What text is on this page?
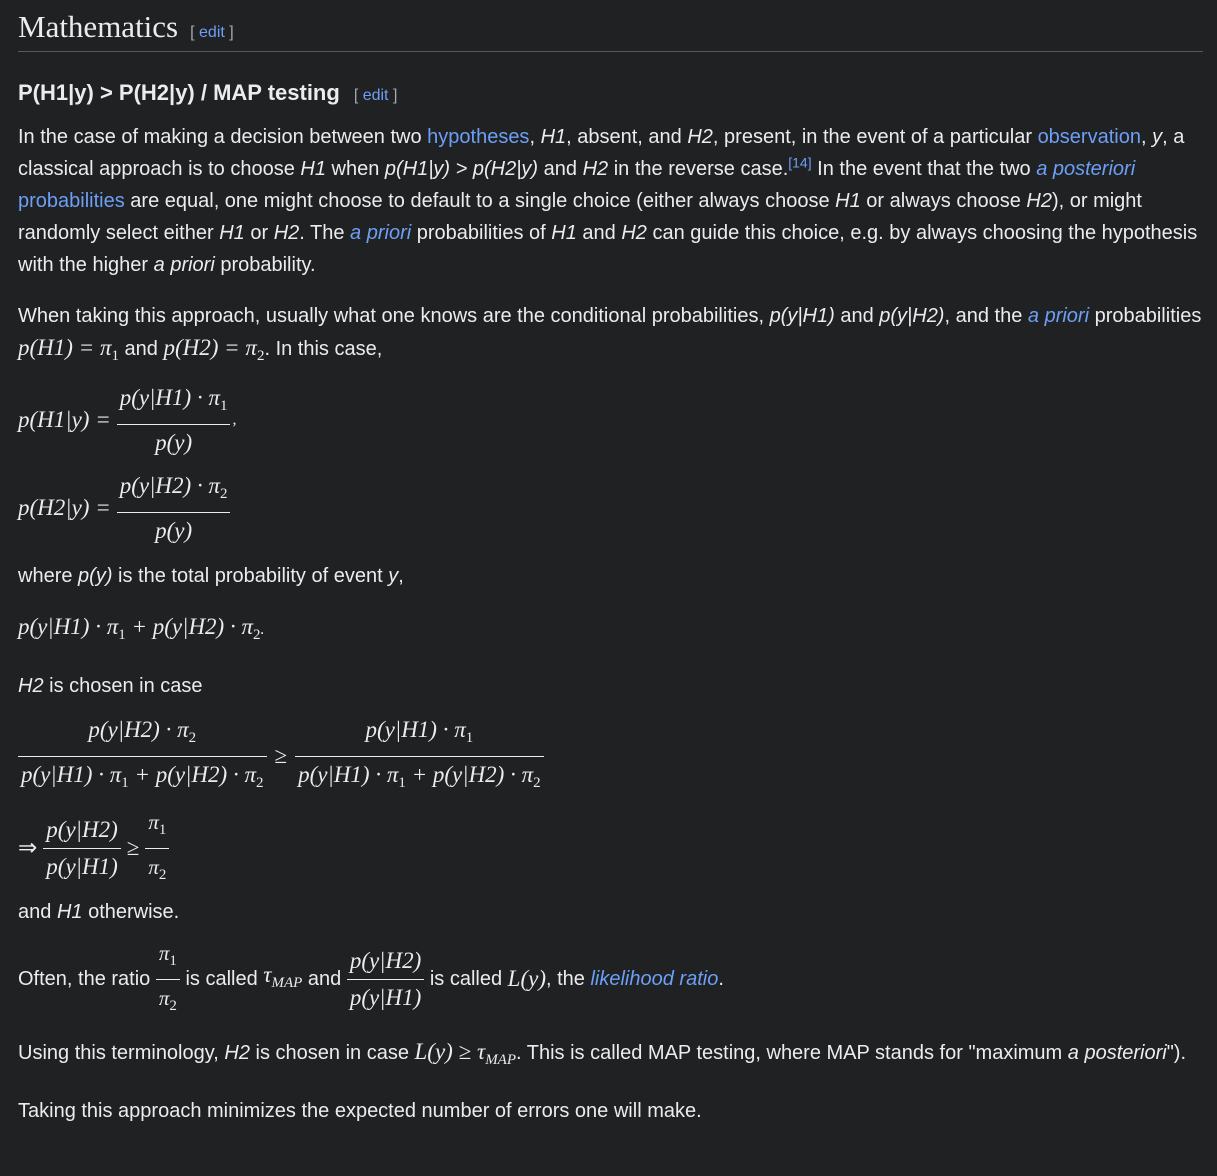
Mathematics [ edit ]
P(H1|y) > P(H2|y) / MAP testing [ edit ]

In the case of making a decision between two hypotheses, H1, absent, and H2, present, in the event of a particular observation, y, a classical approach is to choose H1 when p(H1|y) > p(H2|y) and H2 in the reverse case.[14] In the event that the two a posteriori probabilities are equal, one might choose to default to a single choice (either always choose H1 or always choose H2), or might randomly select either H1 or H2. The a priori probabilities of H1 and H2 can guide this choice, e.g. by always choosing the hypothesis with the higher a priori probability.

When taking this approach, usually what one knows are the conditional probabilities, p(y|H1) and p(y|H2), and the a priori probabilities $p(H1) = \pi_1$ and $p(H2) = \pi_2$. In this case,

$p(H1|y) = \frac{p(y|H1) \cdot \pi_1}{p(y)}$ ,
$p(H2|y) = \frac{p(y|H2) \cdot \pi_2}{p(y)}$

where p(y) is the total probability of event y,

$p(y|H1) \cdot \pi_1 + p(y|H2) \cdot \pi_2$.

H2 is chosen in case

$\frac{p(y|H2) \cdot \pi_2}{p(y|H1) \cdot \pi_1 + p(y|H2) \cdot \pi_2} \ge \frac{p(y|H1) \cdot \pi_1}{p(y|H1) \cdot \pi_1 + p(y|H2) \cdot \pi_2}$
⇒ $\frac{p(y|H2)}{p(y|H1)} \ge \frac{\pi_1}{\pi_2}$

and H1 otherwise.

Often, the ratio $\frac{\pi_1}{\pi_2}$ is called $\tau_{MAP}$ and $\frac{p(y|H2)}{p(y|H1)}$ is called L(y) , the likelihood ratio .

Using this terminology, H2 is chosen in case $L(y) \ge \tau_{MAP}$. This is called MAP testing, where MAP stands for "maximum a posteriori").

Taking this approach minimizes the expected number of errors one will make.
